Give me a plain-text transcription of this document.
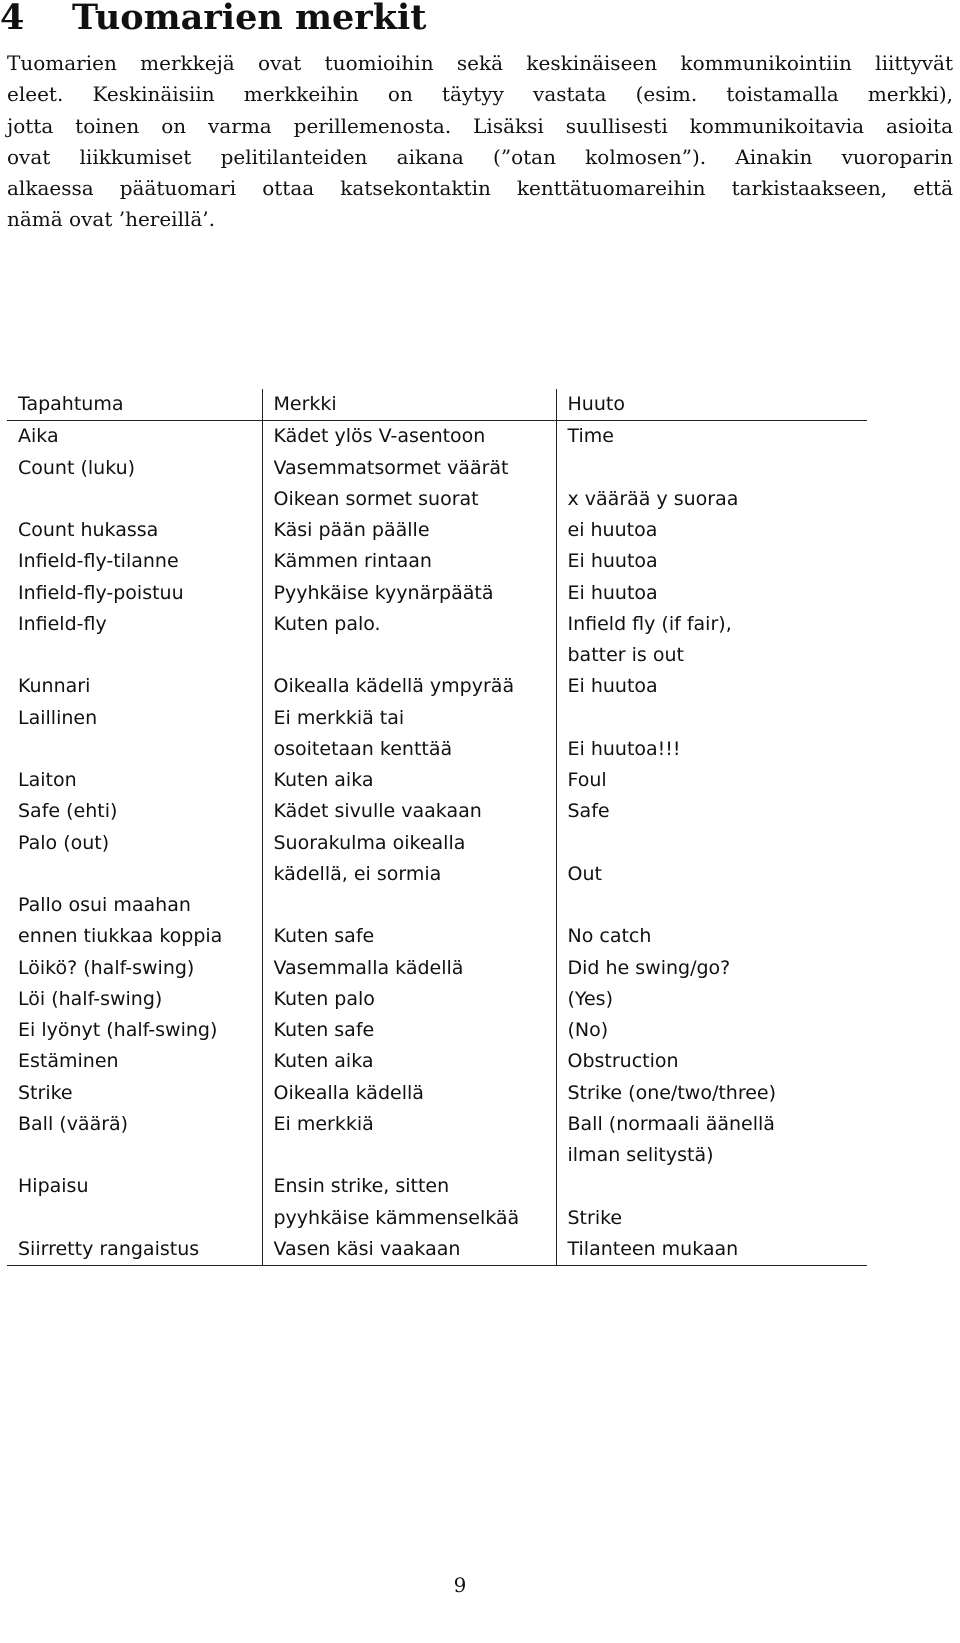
4 Tuomarien merkit
Tuomarien merkkejä ovat tuomioihin sekä keskinäiseen kommunikointiin liittyvät
eleet. Keskinäisiin merkkeihin on täytyy vastata (esim. toistamalla merkki),
jotta toinen on varma perillemenosta. Lisäksi suullisesti kommunikoitavia asioita
ovat liikkumiset pelitilanteiden aikana (”otan kolmosen”). Ainakin vuoroparin
alkaessa päätuomari ottaa katsekontaktin kenttätuomareihin tarkistaakseen, että
nämä ovat ’hereillä’.
Tapahtuma	Merkki	Huuto
Aika	Kädet ylös V-asentoon	Time
Count (luku)	Vasemmatsormet väärät	
	Oikean sormet suorat	x väärää y suoraa
Count hukassa	Käsi pään päälle	ei huutoa
Infield-fly-tilanne	Kämmen rintaan	Ei huutoa
Infield-fly-poistuu	Pyyhkäise kyynärpäätä	Ei huutoa
Infield-fly	Kuten palo.	Infield fly (if fair),
		batter is out
Kunnari	Oikealla kädellä ympyrää	Ei huutoa
Laillinen	Ei merkkiä tai	
	osoitetaan kenttää	Ei huutoa!!!
Laiton	Kuten aika	Foul
Safe (ehti)	Kädet sivulle vaakaan	Safe
Palo (out)	Suorakulma oikealla	
	kädellä, ei sormia	Out
Pallo osui maahan		
ennen tiukkaa koppia	Kuten safe	No catch
Löikö? (half-swing)	Vasemmalla kädellä	Did he swing/go?
Löi (half-swing)	Kuten palo	(Yes)
Ei lyönyt (half-swing)	Kuten safe	(No)
Estäminen	Kuten aika	Obstruction
Strike	Oikealla kädellä	Strike (one/two/three)
Ball (väärä)	Ei merkkiä	Ball (normaali äänellä
		ilman selitystä)
Hipaisu	Ensin strike, sitten	
	pyyhkäise kämmenselkää	Strike
Siirretty rangaistus	Vasen käsi vaakaan	Tilanteen mukaan
9
